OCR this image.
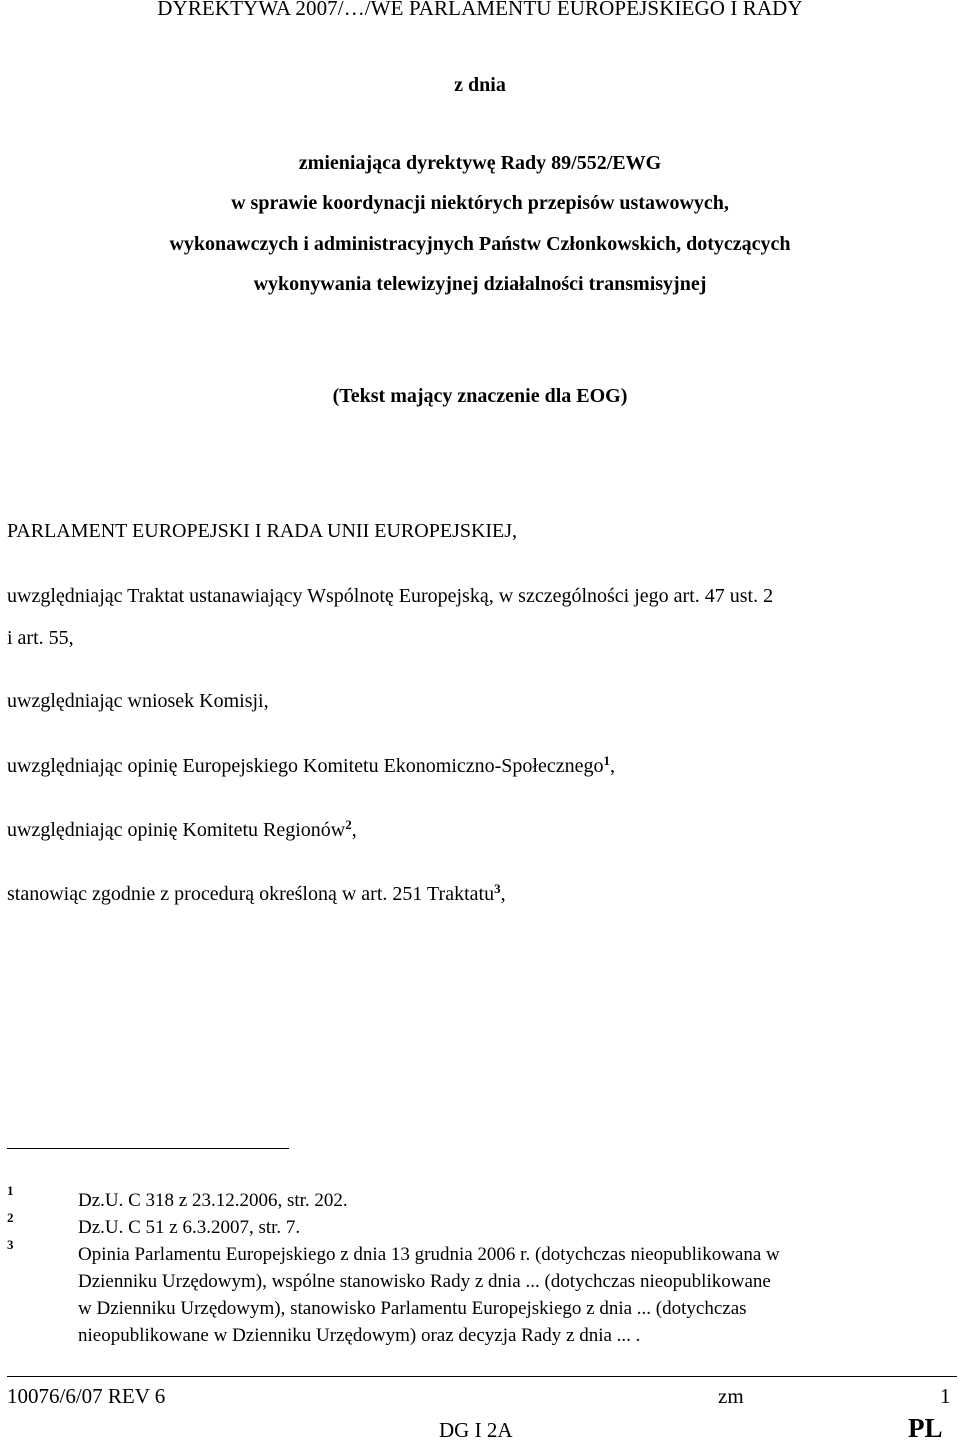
DYREKTYWA 2007/…/WE PARLAMENTU EUROPEJSKIEGO I RADY
z dnia
zmieniająca dyrektywę Rady 89/552/EWG
w sprawie koordynacji niektórych przepisów ustawowych,
wykonawczych i administracyjnych Państw Członkowskich, dotyczących
wykonywania telewizyjnej działalności transmisyjnej
(Tekst mający znaczenie dla EOG)
PARLAMENT EUROPEJSKI I RADA UNII EUROPEJSKIEJ,
uwzględniając Traktat ustanawiający Wspólnotę Europejską, w szczególności jego art. 47 ust. 2
i art. 55,
uwzględniając wniosek Komisji,
uwzględniając opinię Europejskiego Komitetu Ekonomiczno-Społecznego$^1$,
uwzględniając opinię Komitetu Regionów$^2$,
stanowiąc zgodnie z procedurą określoną w art. 251 Traktatu$^3$,
1	Dz.U. C 318 z 23.12.2006, str. 202.
2	Dz.U. C 51 z 6.3.2007, str. 7.
3	Opinia Parlamentu Europejskiego z dnia 13 grudnia 2006 r. (dotychczas nieopublikowana w
Dzienniku Urzędowym), wspólne stanowisko Rady z dnia ... (dotychczas nieopublikowane
w Dzienniku Urzędowym), stanowisko Parlamentu Europejskiego z dnia ... (dotychczas
nieopublikowane w Dzienniku Urzędowym) oraz decyzja Rady z dnia ... .
10076/6/07 REV 6	zm	1
DG I 2A	PL
